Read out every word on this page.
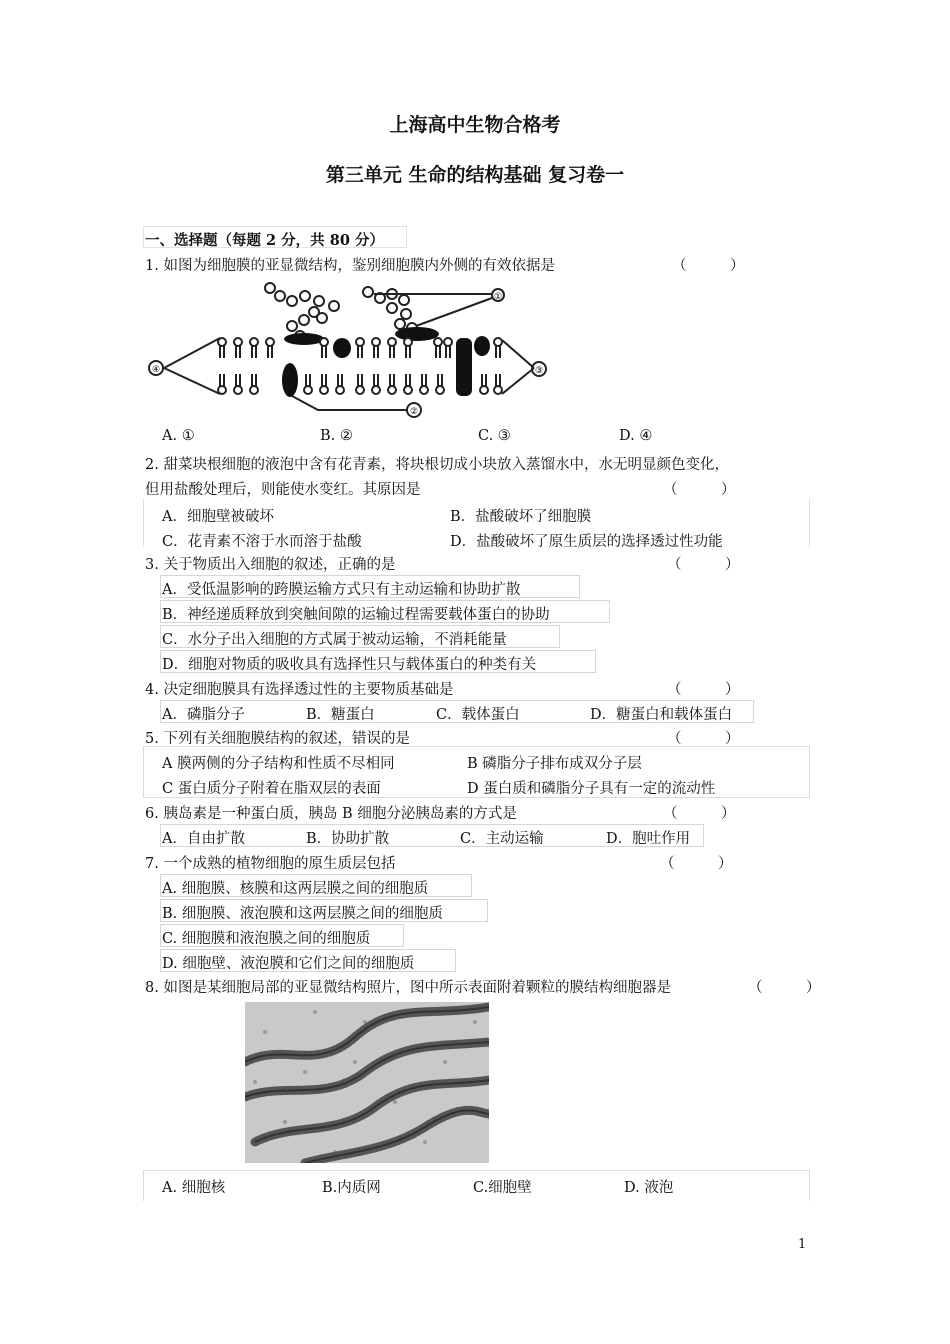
上海高中生物合格考
第三单元 生命的结构基础 复习卷一
一、选择题（每题 2 分，共 80 分）
1. 如图为细胞膜的亚显微结构，鉴别细胞膜内外侧的有效依据是	（　　　）
①
②
③
④
A. ①	B. ②	C. ③	D. ④
2. 甜菜块根细胞的液泡中含有花青素，将块根切成小块放入蒸馏水中，水无明显颜色变化，
但用盐酸处理后，则能使水变红。其原因是	（　　　）
A．细胞壁被破坏	B．盐酸破坏了细胞膜
C．花青素不溶于水而溶于盐酸	D．盐酸破坏了原生质层的选择透过性功能
3. 关于物质出入细胞的叙述，正确的是	（　　　）
A．受低温影响的跨膜运输方式只有主动运输和协助扩散
B．神经递质释放到突触间隙的运输过程需要载体蛋白的协助
C．水分子出入细胞的方式属于被动运输，不消耗能量
D．细胞对物质的吸收具有选择性只与载体蛋白的种类有关
4. 决定细胞膜具有选择透过性的主要物质基础是	（　　　）
A．磷脂分子	B．糖蛋白	C．载体蛋白	D．糖蛋白和载体蛋白
5. 下列有关细胞膜结构的叙述，错误的是	（　　　）
A 膜两侧的分子结构和性质不尽相同	B 磷脂分子排布成双分子层
C 蛋白质分子附着在脂双层的表面	D 蛋白质和磷脂分子具有一定的流动性
6. 胰岛素是一种蛋白质，胰岛 B 细胞分泌胰岛素的方式是	（　　　）
A．自由扩散	B．协助扩散	C．主动运输	D．胞吐作用
7. 一个成熟的植物细胞的原生质层包括	（　　　）
A. 细胞膜、核膜和这两层膜之间的细胞质
B. 细胞膜、液泡膜和这两层膜之间的细胞质
C. 细胞膜和液泡膜之间的细胞质
D. 细胞壁、液泡膜和它们之间的细胞质
8. 如图是某细胞局部的亚显微结构照片，图中所示表面附着颗粒的膜结构细胞器是	（　　　）
A. 细胞核	B.内质网	C.细胞壁	D. 液泡
1
